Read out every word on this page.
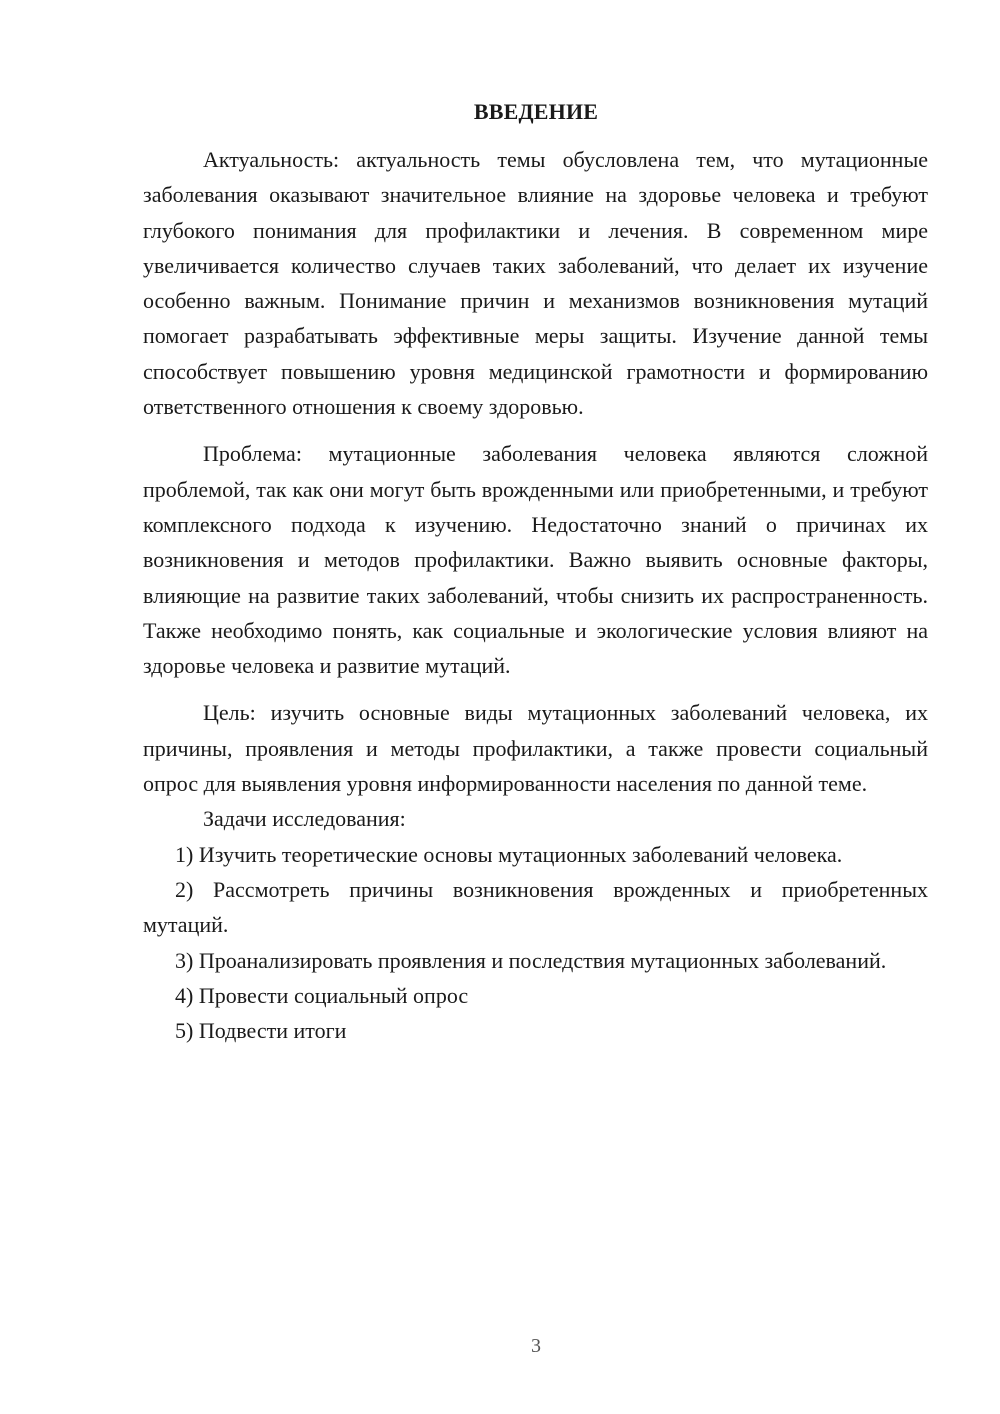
ВВЕДЕНИЕ

Актуальность: актуальность темы обусловлена тем, что мутационные заболевания оказывают значительное влияние на здоровье человека и требуют глубокого понимания для профилактики и лечения. В современном мире увеличивается количество случаев таких заболеваний, что делает их изучение особенно важным. Понимание причин и механизмов возникновения мутаций помогает разрабатывать эффективные меры защиты. Изучение данной темы способствует повышению уровня медицинской грамотности и формированию ответственного отношения к своему здоровью.

Проблема: мутационные заболевания человека являются сложной проблемой, так как они могут быть врожденными или приобретенными, и требуют комплексного подхода к изучению. Недостаточно знаний о причинах их возникновения и методов профилактики. Важно выявить основные факторы, влияющие на развитие таких заболеваний, чтобы снизить их распространенность. Также необходимо понять, как социальные и экологические условия влияют на здоровье человека и развитие мутаций.

Цель: изучить основные виды мутационных заболеваний человека, их причины, проявления и методы профилактики, а также провести социальный опрос для выявления уровня информированности населения по данной теме.

Задачи исследования:

1) Изучить теоретические основы мутационных заболеваний человека.

2) Рассмотреть причины возникновения врожденных и приобретенных мутаций.

3) Проанализировать проявления и последствия мутационных заболеваний.

4) Провести социальный опрос

5) Подвести итоги

3
